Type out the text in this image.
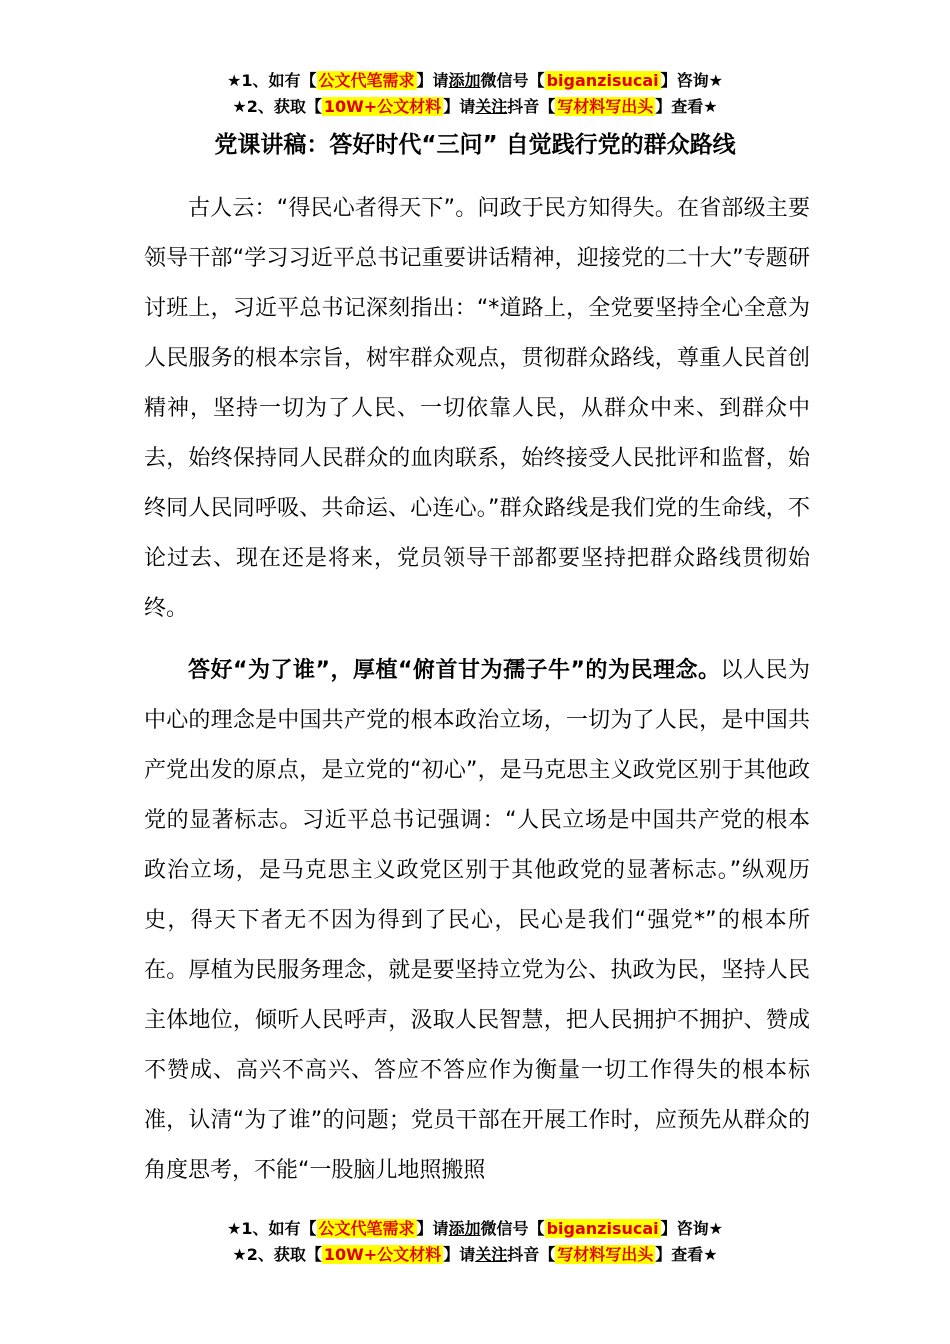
★1、如有【 公文代笔需求 】请添加微信号【 biganzisucai 】咨询★
★2、获取【 10W+公文材料 】请关注抖音【 写材料写出头 】查看★
党课讲稿：答好时代“三问” 自觉践行党的群众路线

古人云：“得民心者得天下”。问政于民方知得失。在省部级主要领导干部“学习习近平总书记重要讲话精神，迎接党的二十大”专题研讨班上，习近平总书记深刻指出：“*道路上，全党要坚持全心全意为人民服务的根本宗旨，树牢群众观点，贯彻群众路线，尊重人民首创精神，坚持一切为了人民、一切依靠人民，从群众中来、到群众中去，始终保持同人民群众的血肉联系，始终接受人民批评和监督，始终同人民同呼吸、共命运、心连心。”群众路线是我们党的生命线，不论过去、现在还是将来，党员领导干部都要坚持把群众路线贯彻始终。

答好“为了谁”，厚植“俯首甘为孺子牛”的为民理念。以人民为中心的理念是中国共产党的根本政治立场，一切为了人民，是中国共产党出发的原点，是立党的“初心”，是马克思主义政党区别于其他政党的显著标志。习近平总书记强调：“人民立场是中国共产党的根本政治立场，是马克思主义政党区别于其他政党的显著标志。”纵观历史，得天下者无不因为得到了民心，民心是我们“强党*”的根本所在。厚植为民服务理念，就是要坚持立党为公、执政为民，坚持人民主体地位，倾听人民呼声，汲取人民智慧，把人民拥护不拥护、赞成不赞成、高兴不高兴、答应不答应作为衡量一切工作得失的根本标准，认清“为了谁”的问题；党员干部在开展工作时，应预先从群众的角度思考，不能“一股脑儿地照搬照

★1、如有【 公文代笔需求 】请添加微信号【 biganzisucai 】咨询★
★2、获取【 10W+公文材料 】请关注抖音【 写材料写出头 】查看★
